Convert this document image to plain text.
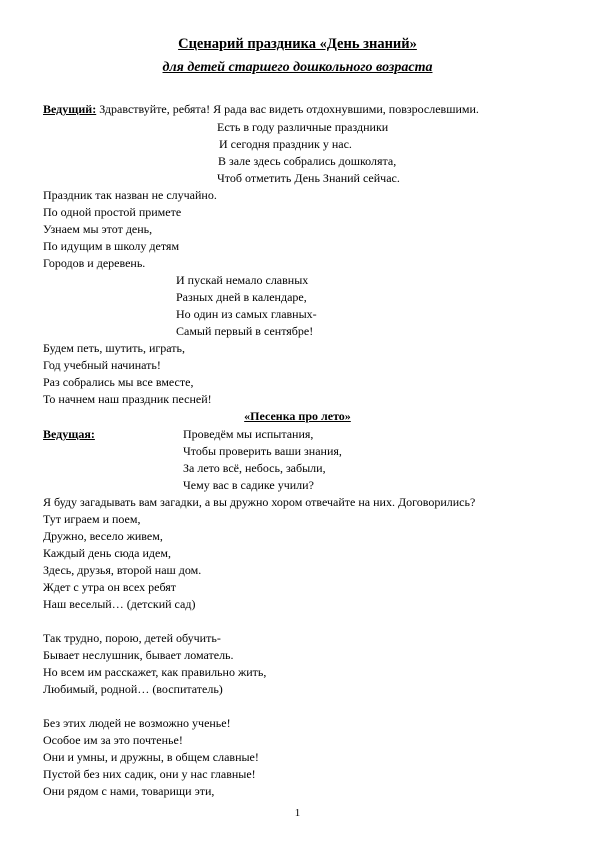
Сценарий праздника «День знаний»
для детей старшего дошкольного возраста
Ведущий: Здравствуйте, ребята! Я рада вас видеть отдохнувшими, повзрослевшими.
Есть в году различные праздники
И сегодня праздник у нас.
В зале здесь собрались дошколята,
Чтоб отметить День Знаний сейчас.
Праздник так назван не случайно.
По одной простой примете
Узнаем мы этот день,
По идущим в школу детям
Городов и деревень.
И пускай немало славных
Разных дней в календаре,
Но один из самых главных-
Самый первый в сентябре!
Будем петь, шутить, играть,
Год учебный начинать!
Раз собрались мы все вместе,
То начнем наш праздник песней!
«Песенка про лето»
Ведущая:	Проведём мы испытания,
Чтобы проверить ваши знания,
За лето всё, небось, забыли,
Чему вас в садике учили?
Я буду загадывать вам загадки, а вы дружно хором отвечайте на них. Договорились?
Тут играем и поем,
Дружно, весело живем,
Каждый день сюда идем,
Здесь, друзья, второй наш дом.
Ждет с утра он всех ребят
Наш веселый… (детский сад)
Так трудно, порою, детей обучить-
Бывает неслушник, бывает ломатель.
Но всем им расскажет, как правильно жить,
Любимый, родной… (воспитатель)
Без этих людей не возможно ученье!
Особое им за это почтенье!
Они и умны, и дружны, в общем славные!
Пустой без них садик, они у нас главные!
Они рядом с нами, товарищи эти,
1
